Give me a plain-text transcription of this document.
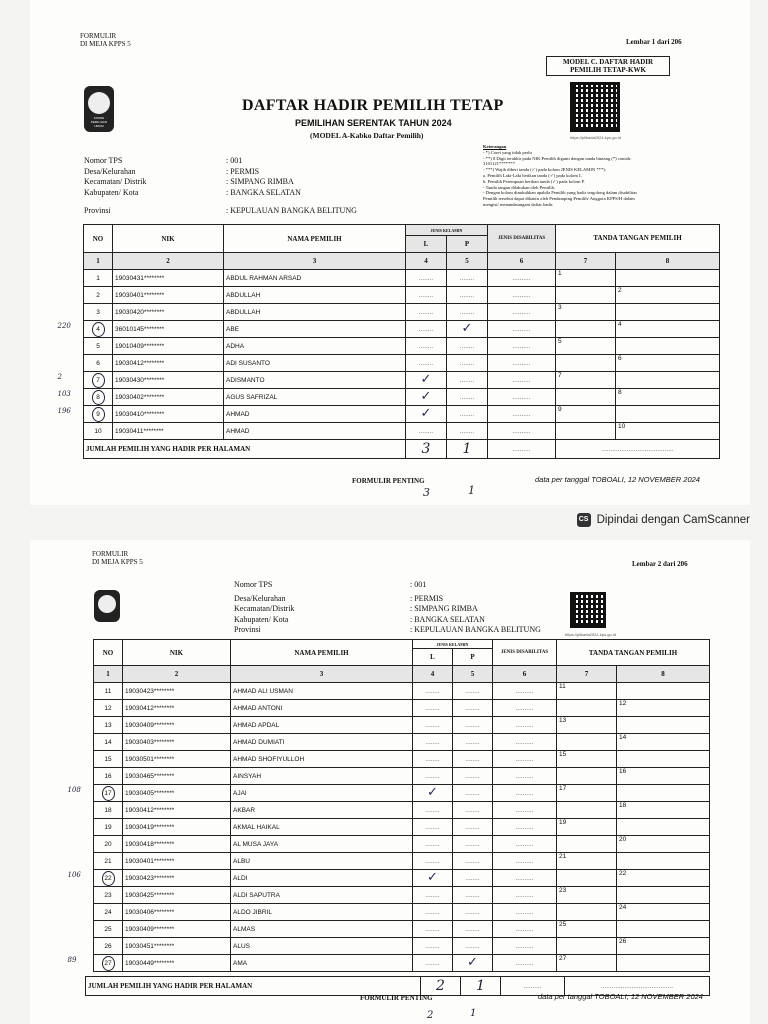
FORMULIR
DI MEJA KPPS 5	Lembar 1 dari 206
MODEL C. DAFTAR HADIR
PEMILIH TETAP-KWK
https://pilkada2024.kpu.go.id
KOMISI PEMILIHAN UMUM
DAFTAR HADIR PEMILIH TETAP
PEMILIHAN SERENTAK TAHUN 2024
(MODEL A-Kabko Daftar Pemilih)
Nomor TPS
Desa/Kelurahan
Kecamatan/ Distrik
Kabupaten/ Kota
Provinsi
: 001
: PERMIS
: SIMPANG RIMBA
: BANGKA SELATAN
: KEPULAUAN BANGKA BELITUNG
Keterangan
- *) Coret yang tidak perlu
- **) 8 Digit terakhir pada NIK Pemilih diganti dengan tanda bintang (*) contoh:
3101121*******
- ***) Wajib diberi tanda (✓) pada kolom JENIS KELAMIN ***):
a. Pemilih Laki-Laki berikan tanda (✓) pada kolom L
b. Pemilih Perempuan berikan tanda (✓) pada kolom P.
- Tanda tangan dilakukan oleh Pemilih.
- Dengan kolom dinubuhkan apabila Pemilih yang hadir tergolong dalam disabilitas
Pemilih tersebut dapat dibantu oleh Pendamping Pemilih/ Anggota KPPS/H dalam
mengisi/ menandatangani daftar hadir.
NO	NIK	NAMA PEMILIH	JENIS KELAMIN		JENIS DISABILITAS	TANDA TANGAN PEMILIH	
			L	P			
1	2	3	4	5	6	7	8
1	19030431********	ABDUL RAHMAN ARSAD	........	........	..........	1	
2	19030401********	ABDULLAH	........	........	..........		2
3	19030420********	ABDULLAH	........	........	..........	3	

220 4	36010145********	ABE	........	✓	..........		4
5	19010409********	ADHA	........	........	..........	5	
6	19030412********	ADI SUSANTO	........	........	..........		6

2 7	19030430********	ADISMANTO	✓	........	..........	7	

103 8	19030402********	AGUS SAFRIZAL	✓	........	..........		8

196 9	19030410********	AHMAD	✓	........	..........	9	
10	19030411********	AHMAD	........	........	..........		10
JUMLAH PEMILIH YANG HADIR PER HALAMAN			3	1	..........	........................................	
FORMULIR PENTING	data per tanggal TOBOALI, 12 NOVEMBER 2024
3	1
CS Dipindai dengan CamScanner
FORMULIR
DI MEJA KPPS 5	Lembar 2 dari 206
Nomor TPS
Desa/Kelurahan
Kecamatan/Distrik
Kabupaten/ Kota
Provinsi
: 001
: PERMIS
: SIMPANG RIMBA
: BANGKA SELATAN
: KEPULAUAN BANGKA BELITUNG
https://pilkada2024.kpu.go.id
NO	NIK	NAMA PEMILIH	JENIS KELAMIN		JENIS DISABILITAS	TANDA TANGAN PEMILIH	
			L	P			
1	2	3	4	5	6	7	8
11	19030423********	AHMAD ALI USMAN	........	........	..........	11	
12	19030412********	AHMAD ANTONI	........	........	..........		12
13	19030409********	AHMAD APDAL	........	........	..........	13	
14	19030403********	AHMAD DUMIATI	........	........	..........		14
15	19030501********	AHMAD SHOFIYULLOH	........	........	..........	15	
16	19030465********	AINSYAH	........	........	..........		16

108 17	19030405********	AJAI	✓	........	..........	17	
18	19030412********	AKBAR	........	........	..........		18
19	19030419********	AKMAL HAIKAL	........	........	..........	19	
20	19030418********	AL MUSA JAYA	........	........	..........		20
21	19030401********	ALBU	........	........	..........	21	

106 22	19030423********	ALDI	✓	........	..........		22
23	19030425********	ALDI SAPUTRA	........	........	..........	23	
24	19030406********	ALDO JIBRIL	........	........	..........		24
25	19030409********	ALMAS	........	........	..........	25	
26	19030451********	ALUS	........	........	..........		26

89 27	19030449********	AMA	........	✓	..........	27	
JUMLAH PEMILIH YANG HADIR PER HALAMAN	2	1	..........	........................................
FORMULIR PENTING	data per tanggal TOBOALI, 12 NOVEMBER 2024
2	1
